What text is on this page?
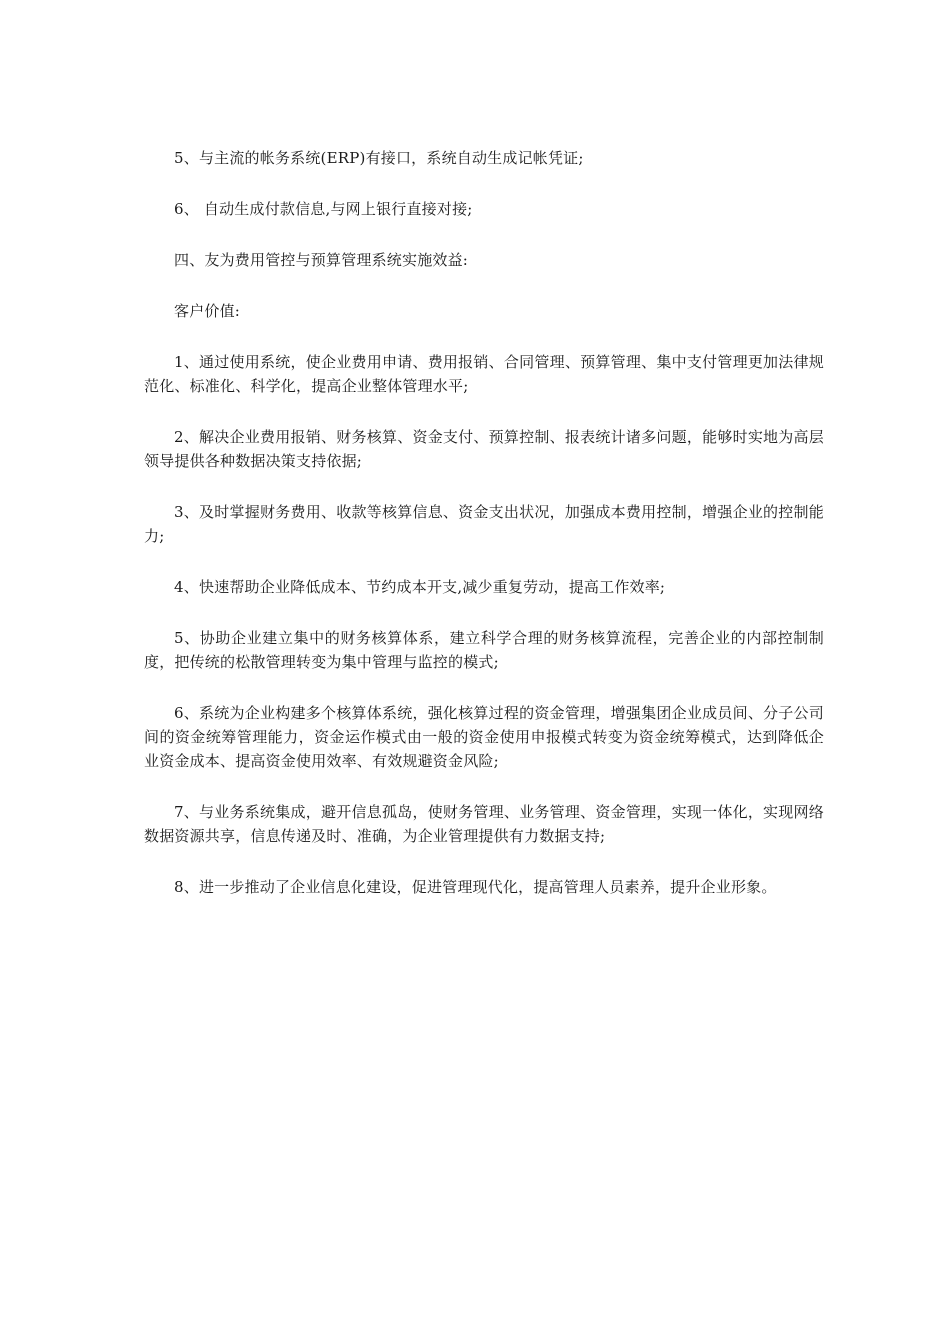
5、与主流的帐务系统(ERP)有接口，系统自动生成记帐凭证;

6、 自动生成付款信息,与网上银行直接对接;

四、友为费用管控与预算管理系统实施效益:

客户价值:

1、通过使用系统，使企业费用申请、费用报销、合同管理、预算管理、集中支付管理更加法律规范化、标准化、科学化，提高企业整体管理水平;

2、解决企业费用报销、财务核算、资金支付、预算控制、报表统计诸多问题，能够时实地为高层领导提供各种数据决策支持依据;

3、及时掌握财务费用、收款等核算信息、资金支出状况，加强成本费用控制，增强企业的控制能力;

4、快速帮助企业降低成本、节约成本开支,减少重复劳动，提高工作效率;

5、协助企业建立集中的财务核算体系，建立科学合理的财务核算流程，完善企业的内部控制制度，把传统的松散管理转变为集中管理与监控的模式;

6、系统为企业构建多个核算体系统，强化核算过程的资金管理，增强集团企业成员间、分子公司间的资金统筹管理能力，资金运作模式由一般的资金使用申报模式转变为资金统筹模式，达到降低企业资金成本、提高资金使用效率、有效规避资金风险;

7、与业务系统集成，避开信息孤岛，使财务管理、业务管理、资金管理，实现一体化，实现网络数据资源共享，信息传递及时、准确，为企业管理提供有力数据支持;

8、进一步推动了企业信息化建设，促进管理现代化，提高管理人员素养，提升企业形象。
